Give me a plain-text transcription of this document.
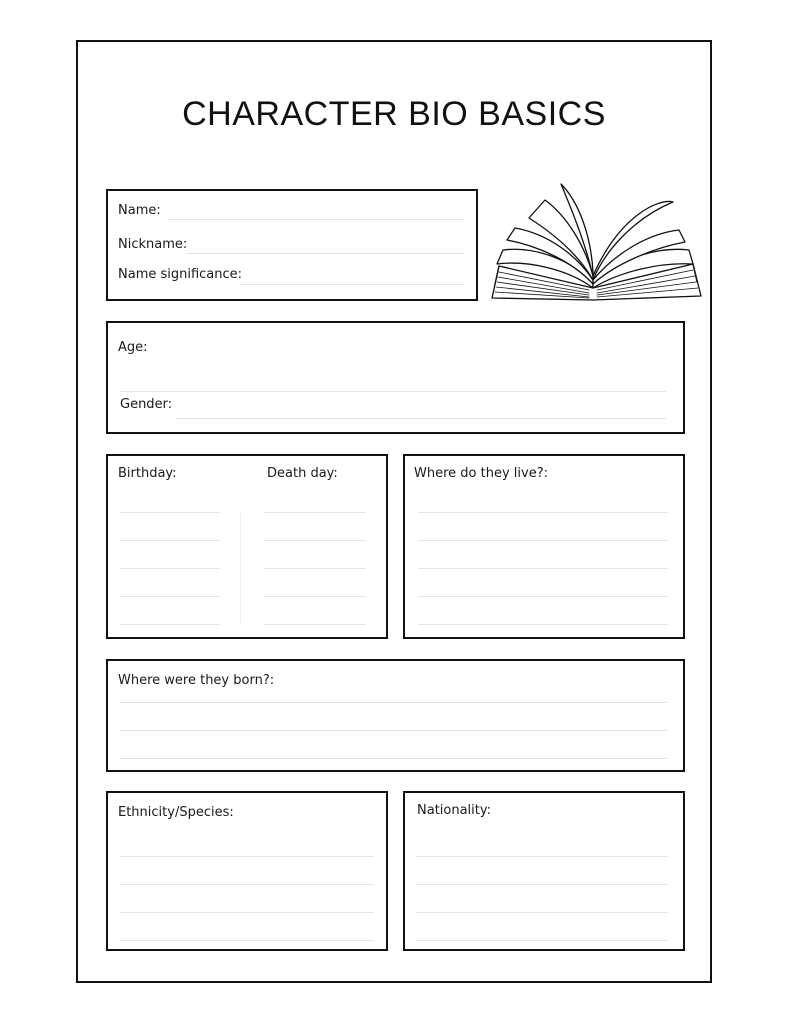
CHARACTER BIO BASICS
Name:
Nickname:
Name significance:
Age:
Gender:
Birthday:	Death day:	Where do they live?:
Where were they born?:
Ethnicity/Species:	Nationality:
